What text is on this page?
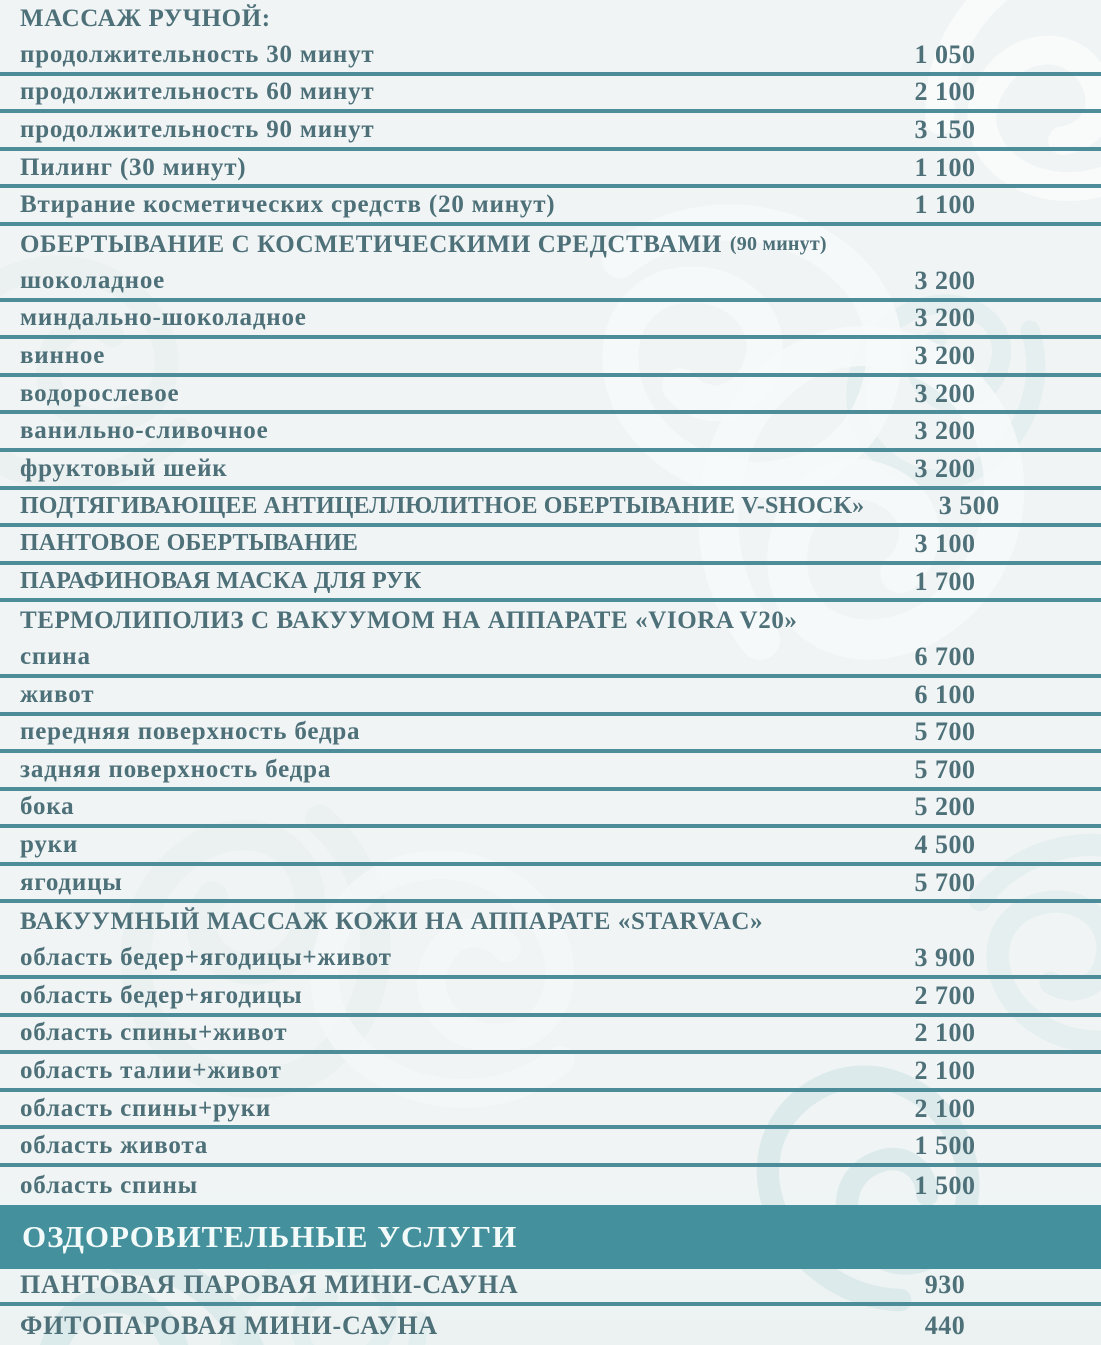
МАССАЖ РУЧНОЙ:
продолжительность 30 минут	1 050
продолжительность 60 минут	2 100
продолжительность 90 минут	3 150
Пилинг (30 минут)	1 100
Втирание косметических средств (20 минут)	1 100
ОБЕРТЫВАНИЕ С КОСМЕТИЧЕСКИМИ СРЕДСТВАМИ (90 минут)
шоколадное	3 200
миндально-шоколадное	3 200
винное	3 200
водорослевое	3 200
ванильно-сливочное	3 200
фруктовый шейк	3 200
ПОДТЯГИВАЮЩЕЕ АНТИЦЕЛЛЮЛИТНОЕ ОБЕРТЫВАНИЕ V-SHOCK»	3 500
ПАНТОВОЕ ОБЕРТЫВАНИЕ	3 100
ПАРАФИНОВАЯ МАСКА ДЛЯ РУК	1 700
ТЕРМОЛИПОЛИЗ С ВАКУУМОМ НА АППАРАТЕ «VIORA V20»
спина	6 700
живот	6 100
передняя поверхность бедра	5 700
задняя поверхность бедра	5 700
бока	5 200
руки	4 500
ягодицы	5 700
ВАКУУМНЫЙ МАССАЖ КОЖИ НА АППАРАТЕ «STARVAC»
область бедер+ягодицы+живот	3 900
область бедер+ягодицы	2 700
область спины+живот	2 100
область талии+живот	2 100
область спины+руки	2 100
область живота	1 500
область спины	1 500
ОЗДОРОВИТЕЛЬНЫЕ УСЛУГИ
ПАНТОВАЯ ПАРОВАЯ МИНИ-САУНА	930
ФИТОПАРОВАЯ МИНИ-САУНА	440
